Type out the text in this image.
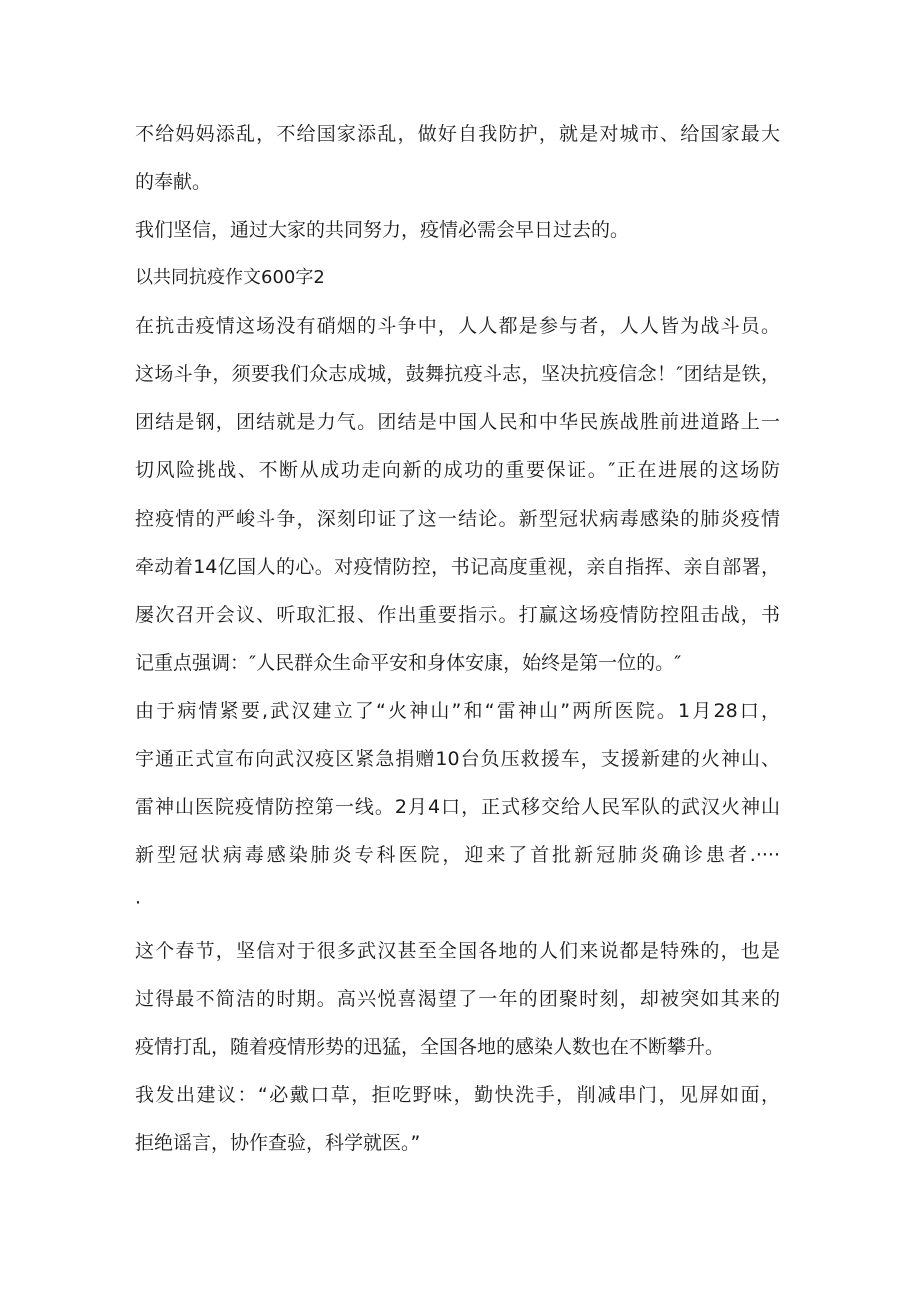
不给妈妈添乱，不给国家添乱，做好自我防护，就是对城市、给国家最大

的奉献。

我们坚信，通过大家的共同努力，疫情必需会早日过去的。

以共同抗疫作文600字2

在抗击疫情这场没有硝烟的斗争中，人人都是参与者，人人皆为战斗员。

这场斗争，须要我们众志成城，鼓舞抗疫斗志，坚决抗疫信念！″团结是铁，

团结是钢，团结就是力气。团结是中国人民和中华民族战胜前进道路上一

切风险挑战、不断从成功走向新的成功的重要保证。″正在进展的这场防

控疫情的严峻斗争，深刻印证了这一结论。新型冠状病毒感染的肺炎疫情

牵动着14亿国人的心。对疫情防控，书记高度重视，亲自指挥、亲自部署，

屡次召开会议、听取汇报、作出重要指示。打赢这场疫情防控阻击战，书

记重点强调：″人民群众生命平安和身体安康，始终是第一位的。″

由于病情紧要,武汉建立了“火神山”和“雷神山”两所医院。1月28口，

宇通正式宣布向武汉疫区紧急捐赠10台负压救援车，支援新建的火神山、

雷神山医院疫情防控第一线。2月4口，正式移交给人民军队的武汉火神山

新型冠状病毒感染肺炎专科医院，迎来了首批新冠肺炎确诊患者.····

·

这个春节，坚信对于很多武汉甚至全国各地的人们来说都是特殊的，也是

过得最不简洁的时期。高兴悦喜渴望了一年的团聚时刻，却被突如其来的

疫情打乱，随着疫情形势的迅猛，全国各地的感染人数也在不断攀升。

我发出建议：“必戴口草，拒吃野味，勤快洗手，削减串门，见屏如面，

拒绝谣言，协作查验，科学就医。”
